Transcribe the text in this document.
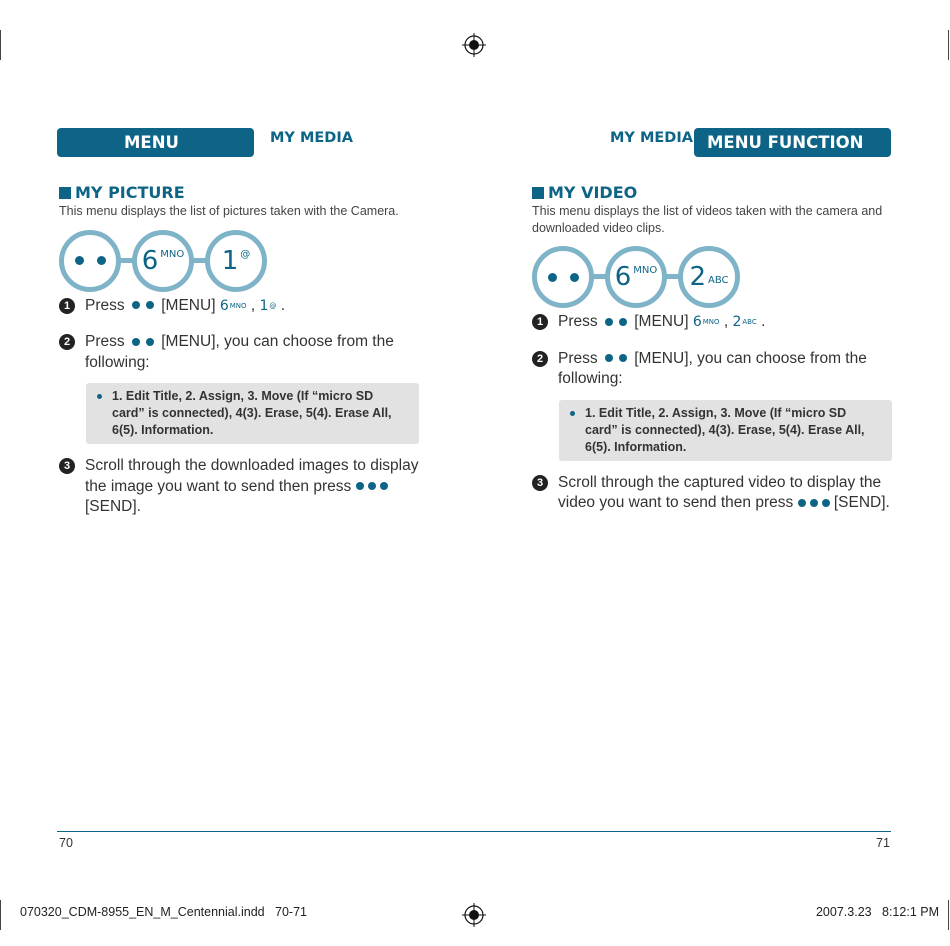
MENU FUNCTION
MY MEDIA	MY MEDIA MENU FUNCTION
MY PICTURE
This menu displays the list of pictures taken with the Camera.
6 MNO 1 @
1 Press [MENU] $6^{MNO}$ , 1@ .
2 Press [MENU], you can choose from the following:
1. Edit Title, 2. Assign, 3. Move (If “micro SD card” is connected), 4(3). Erase, 5(4). Erase All, 6(5). Information.
3 Scroll through the downloaded images to display the image you want to send then press
[SEND].
MY VIDEO
This menu displays the list of videos taken with the camera and downloaded video clips.
6 MNO 2 ABC
1 Press [MENU] $6^{MNO}$ , $2^{ABC}$ .
2 Press [MENU], you can choose from the following:
1. Edit Title, 2. Assign, 3. Move (If “micro SD card” is connected), 4(3). Erase, 5(4). Erase All, 6(5). Information.
3 Scroll through the captured video to display the video you want to send then press	[SEND].
70	71
070320_CDM-8955_EN_M_Centennial.indd   70-71	2007.3.23   8:12:1 PM
